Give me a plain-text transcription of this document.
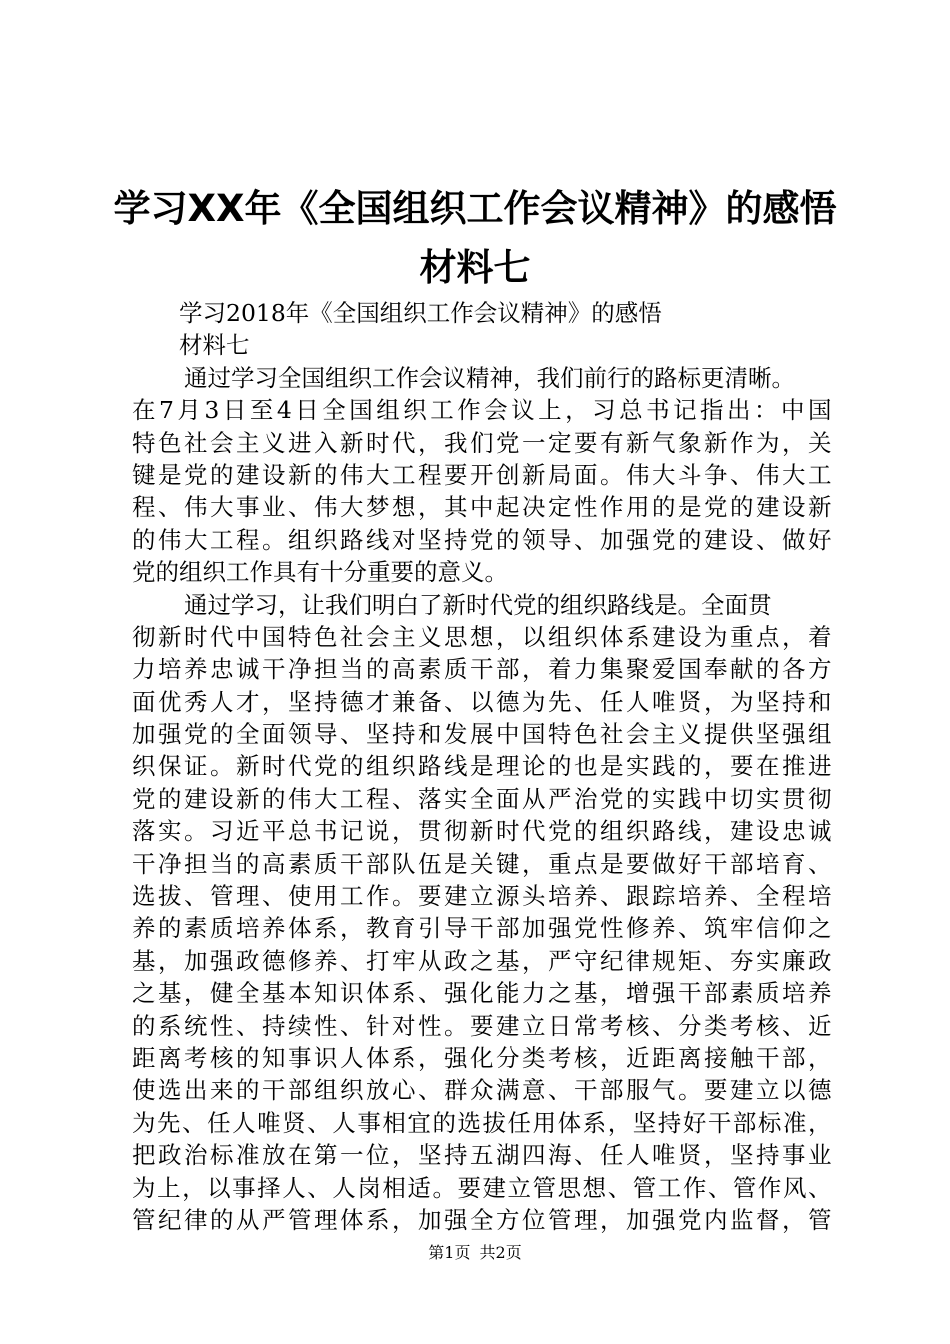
学习XX年《全国组织工作会议精神》的感悟
材料七
学习2018年《全国组织工作会议精神》的感悟
材料七
通过学习全国组织工作会议精神，我们前行的路标更清晰。
在7月3日至4日全国组织工作会议上，习总书记指出：中国
特色社会主义进入新时代，我们党一定要有新气象新作为，关
键是党的建设新的伟大工程要开创新局面。伟大斗争、伟大工
程、伟大事业、伟大梦想，其中起决定性作用的是党的建设新
的伟大工程。组织路线对坚持党的领导、加强党的建设、做好
党的组织工作具有十分重要的意义。
通过学习，让我们明白了新时代党的组织路线是。全面贯
彻新时代中国特色社会主义思想，以组织体系建设为重点，着
力培养忠诚干净担当的高素质干部，着力集聚爱国奉献的各方
面优秀人才，坚持德才兼备、以德为先、任人唯贤，为坚持和
加强党的全面领导、坚持和发展中国特色社会主义提供坚强组
织保证。新时代党的组织路线是理论的也是实践的，要在推进
党的建设新的伟大工程、落实全面从严治党的实践中切实贯彻
落实。习近平总书记说，贯彻新时代党的组织路线，建设忠诚
干净担当的高素质干部队伍是关键，重点是要做好干部培育、
选拔、管理、使用工作。要建立源头培养、跟踪培养、全程培
养的素质培养体系，教育引导干部加强党性修养、筑牢信仰之
基，加强政德修养、打牢从政之基，严守纪律规矩、夯实廉政
之基，健全基本知识体系、强化能力之基，增强干部素质培养
的系统性、持续性、针对性。要建立日常考核、分类考核、近
距离考核的知事识人体系，强化分类考核，近距离接触干部，
使选出来的干部组织放心、群众满意、干部服气。要建立以德
为先、任人唯贤、人事相宜的选拔任用体系，坚持好干部标准，
把政治标准放在第一位，坚持五湖四海、任人唯贤，坚持事业
为上，以事择人、人岗相适。要建立管思想、管工作、管作风、
管纪律的从严管理体系，加强全方位管理，加强党内监督，管
第1页 共2页
